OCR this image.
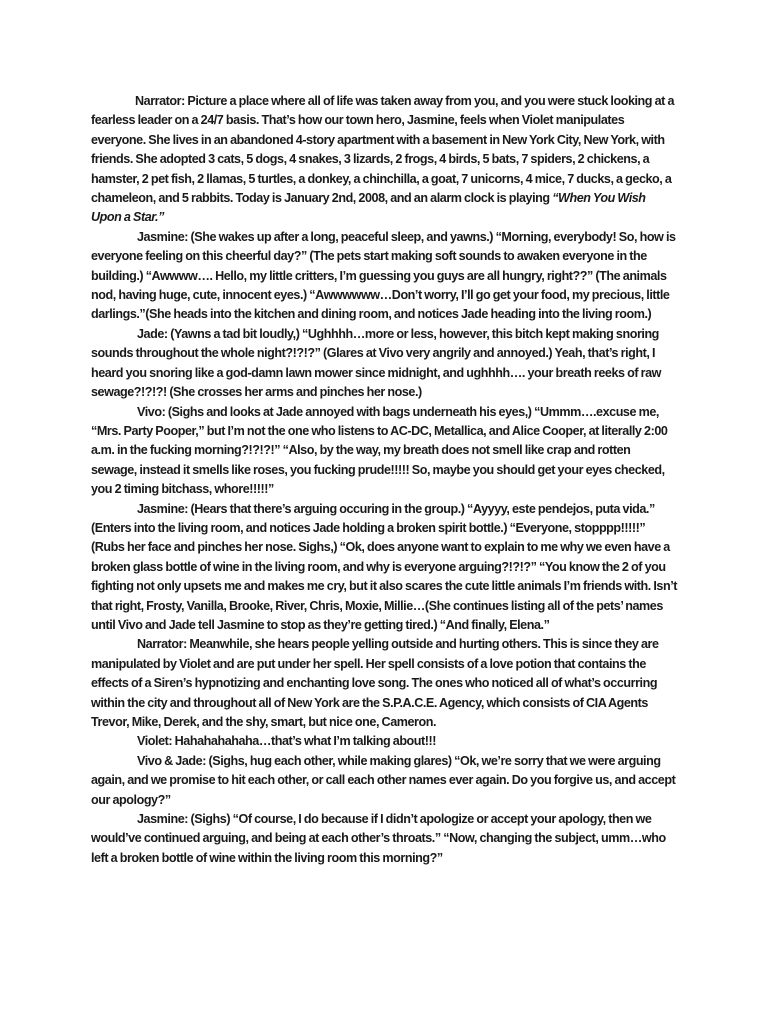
Narrator: Picture a place where all of life was taken away from you, and you were stuck looking at a fearless leader on a 24/7 basis. That’s how our town hero, Jasmine, feels when Violet manipulates everyone. She lives in an abandoned 4-story apartment with a basement in New York City, New York, with friends. She adopted 3 cats, 5 dogs, 4 snakes, 3 lizards, 2 frogs, 4 birds, 5 bats, 7 spiders, 2 chickens, a hamster, 2 pet fish, 2 llamas, 5 turtles, a donkey, a chinchilla, a goat, 7 unicorns, 4 mice, 7 ducks, a gecko, a chameleon, and 5 rabbits. Today is January 2nd, 2008, and an alarm clock is playing “When You Wish Upon a Star.”

Jasmine: (She wakes up after a long, peaceful sleep, and yawns.) “Morning, everybody! So, how is everyone feeling on this cheerful day?” (The pets start making soft sounds to awaken everyone in the building.) “Awwww…. Hello, my little critters, I’m guessing you guys are all hungry, right??” (The animals nod, having huge, cute, innocent eyes.) “Awwwwww…Don’t worry, I’ll go get your food, my precious, little darlings.”(She heads into the kitchen and dining room, and notices Jade heading into the living room.)

Jade: (Yawns a tad bit loudly,) “Ughhhh…more or less, however, this bitch kept making snoring sounds throughout the whole night?!?!?” (Glares at Vivo very angrily and annoyed.) Yeah, that’s right, I heard you snoring like a god-damn lawn mower since midnight, and ughhhh…. your breath reeks of raw sewage?!?!?! (She crosses her arms and pinches her nose.)

Vivo: (Sighs and looks at Jade annoyed with bags underneath his eyes,) “Ummm….excuse me, “Mrs. Party Pooper,” but I’m not the one who listens to AC-DC, Metallica, and Alice Cooper, at literally 2:00 a.m. in the fucking morning?!?!?!” “Also, by the way, my breath does not smell like crap and rotten sewage, instead it smells like roses, you fucking prude!!!!! So, maybe you should get your eyes checked, you 2 timing bitchass, whore!!!!!”

Jasmine: (Hears that there’s arguing occuring in the group.) “Ayyyy, este pendejos, puta vida.” (Enters into the living room, and notices Jade holding a broken spirit bottle.) “Everyone, stopppp!!!!!” (Rubs her face and pinches her nose. Sighs,) “Ok, does anyone want to explain to me why we even have a broken glass bottle of wine in the living room, and why is everyone arguing?!?!?” “You know the 2 of you fighting not only upsets me and makes me cry, but it also scares the cute little animals I’m friends with. Isn’t that right, Frosty, Vanilla, Brooke, River, Chris, Moxie, Millie…(She continues listing all of the pets’ names until Vivo and Jade tell Jasmine to stop as they’re getting tired.) “And finally, Elena.”

Narrator: Meanwhile, she hears people yelling outside and hurting others. This is since they are manipulated by Violet and are put under her spell. Her spell consists of a love potion that contains the effects of a Siren’s hypnotizing and enchanting love song. The ones who noticed all of what’s occurring within the city and throughout all of New York are the S.P.A.C.E. Agency, which consists of CIA Agents Trevor, Mike, Derek, and the shy, smart, but nice one, Cameron.

Violet: Hahahahahaha…that’s what I’m talking about!!!

Vivo & Jade: (Sighs, hug each other, while making glares) “Ok, we’re sorry that we were arguing again, and we promise to hit each other, or call each other names ever again. Do you forgive us, and accept our apology?”

Jasmine: (Sighs) “Of course, I do because if I didn’t apologize or accept your apology, then we would’ve continued arguing, and being at each other’s throats.” “Now, changing the subject, umm…who left a broken bottle of wine within the living room this morning?”
